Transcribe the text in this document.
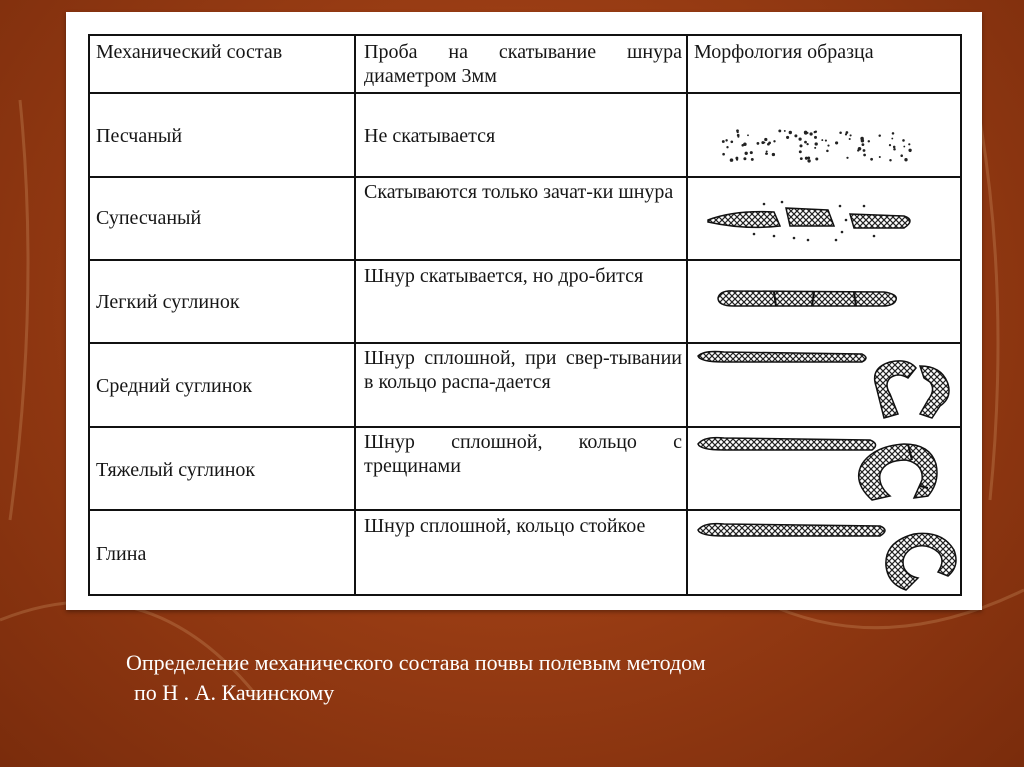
Механический состав	Проба на скатывание шнура диаметром 3мм
Морфология образца
Песчаный	Не скатывается
Супесчаный
Скатываются только зачат-ки шнура
Легкий суглинок
Шнур скатывается, но дро-бится
Средний суглинок
Шнур сплошной, при свер-тывании в кольцо распа-дается
Тяжелый суглинок
Шнур сплошной, кольцо с трещинами
Глина
Шнур сплошной, кольцо стойкое
Определение механического состава почвы полевым методом
по Н . А. Качинскому
